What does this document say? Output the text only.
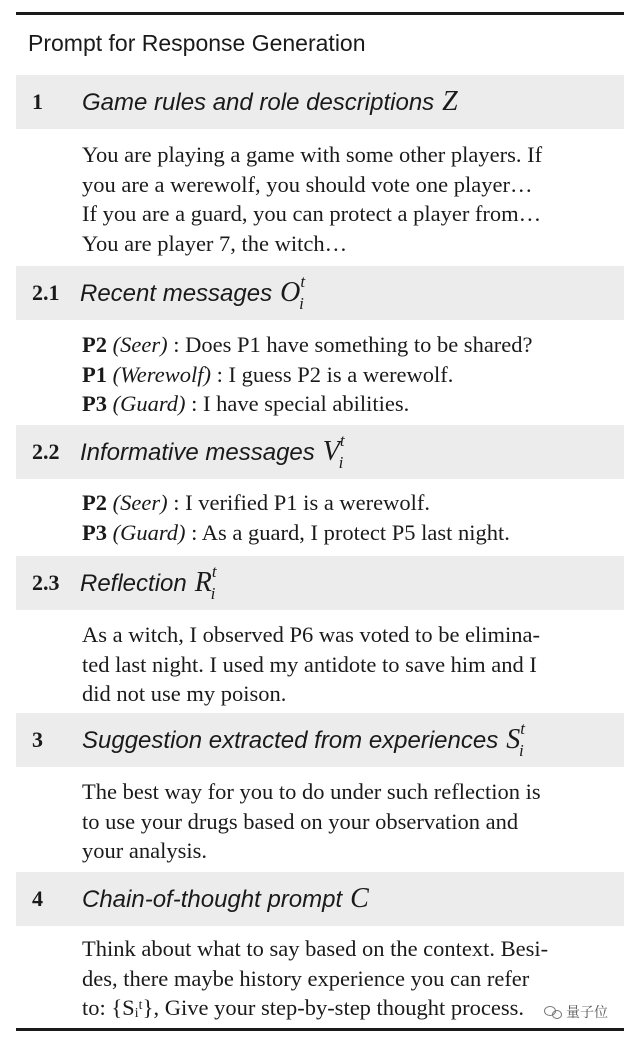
Prompt for Response Generation
1 Game rules and role descriptions Z
You are playing a game with some other players. If
you are a werewolf, you should vote one player…
If you are a guard, you can protect a player from…
You are player 7, the witch…
2.1 Recent messages $O^t_i$
P2 (Seer) : Does P1 have something to be shared?
P1 (Werewolf) : I guess P2 is a werewolf.
P3 (Guard) : I have special abilities.
2.2 Informative messages $V^t_i$
P2 (Seer) : I verified P1 is a werewolf.
P3 (Guard) : As a guard, I protect P5 last night.
2.3 Reflection $R^t_i$
As a witch, I observed P6 was voted to be elimina-
ted last night. I used my antidote to save him and I
did not use my poison.
3 Suggestion extracted from experiences $S^t_i$
The best way for you to do under such reflection is
to use your drugs based on your observation and
your analysis.
4 Chain-of-thought prompt C
Think about what to say based on the context. Besi-
des, there maybe history experience you can refer
to: {Sᵢᵗ}, Give your step-by-step thought process.	量子位
